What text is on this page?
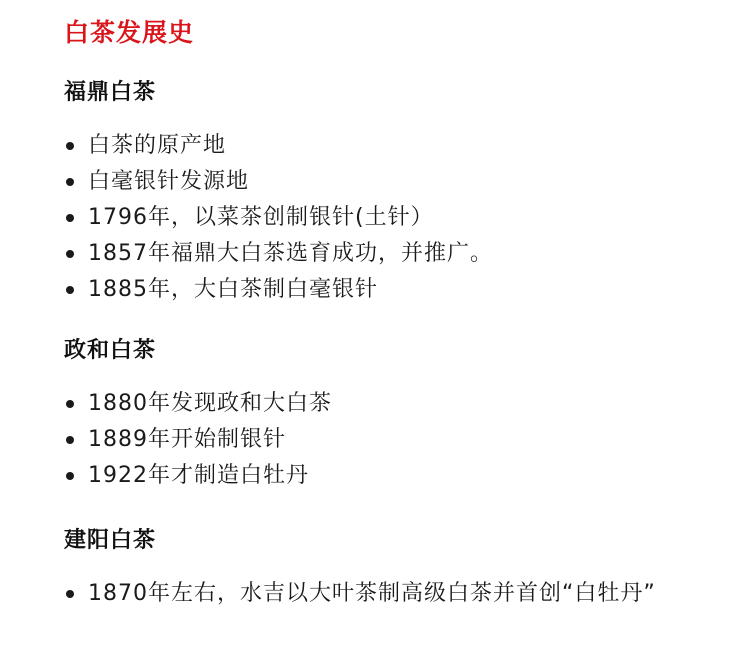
白茶发展史
福鼎白茶
白茶的原产地
白毫银针发源地
1796年，以菜茶创制银针(土针）
1857年福鼎大白茶选育成功，并推广。
1885年，大白茶制白毫银针
政和白茶
1880年发现政和大白茶
1889年开始制银针
1922年才制造白牡丹
建阳白茶
1870年左右，水吉以大叶茶制高级白茶并首创“白牡丹”
